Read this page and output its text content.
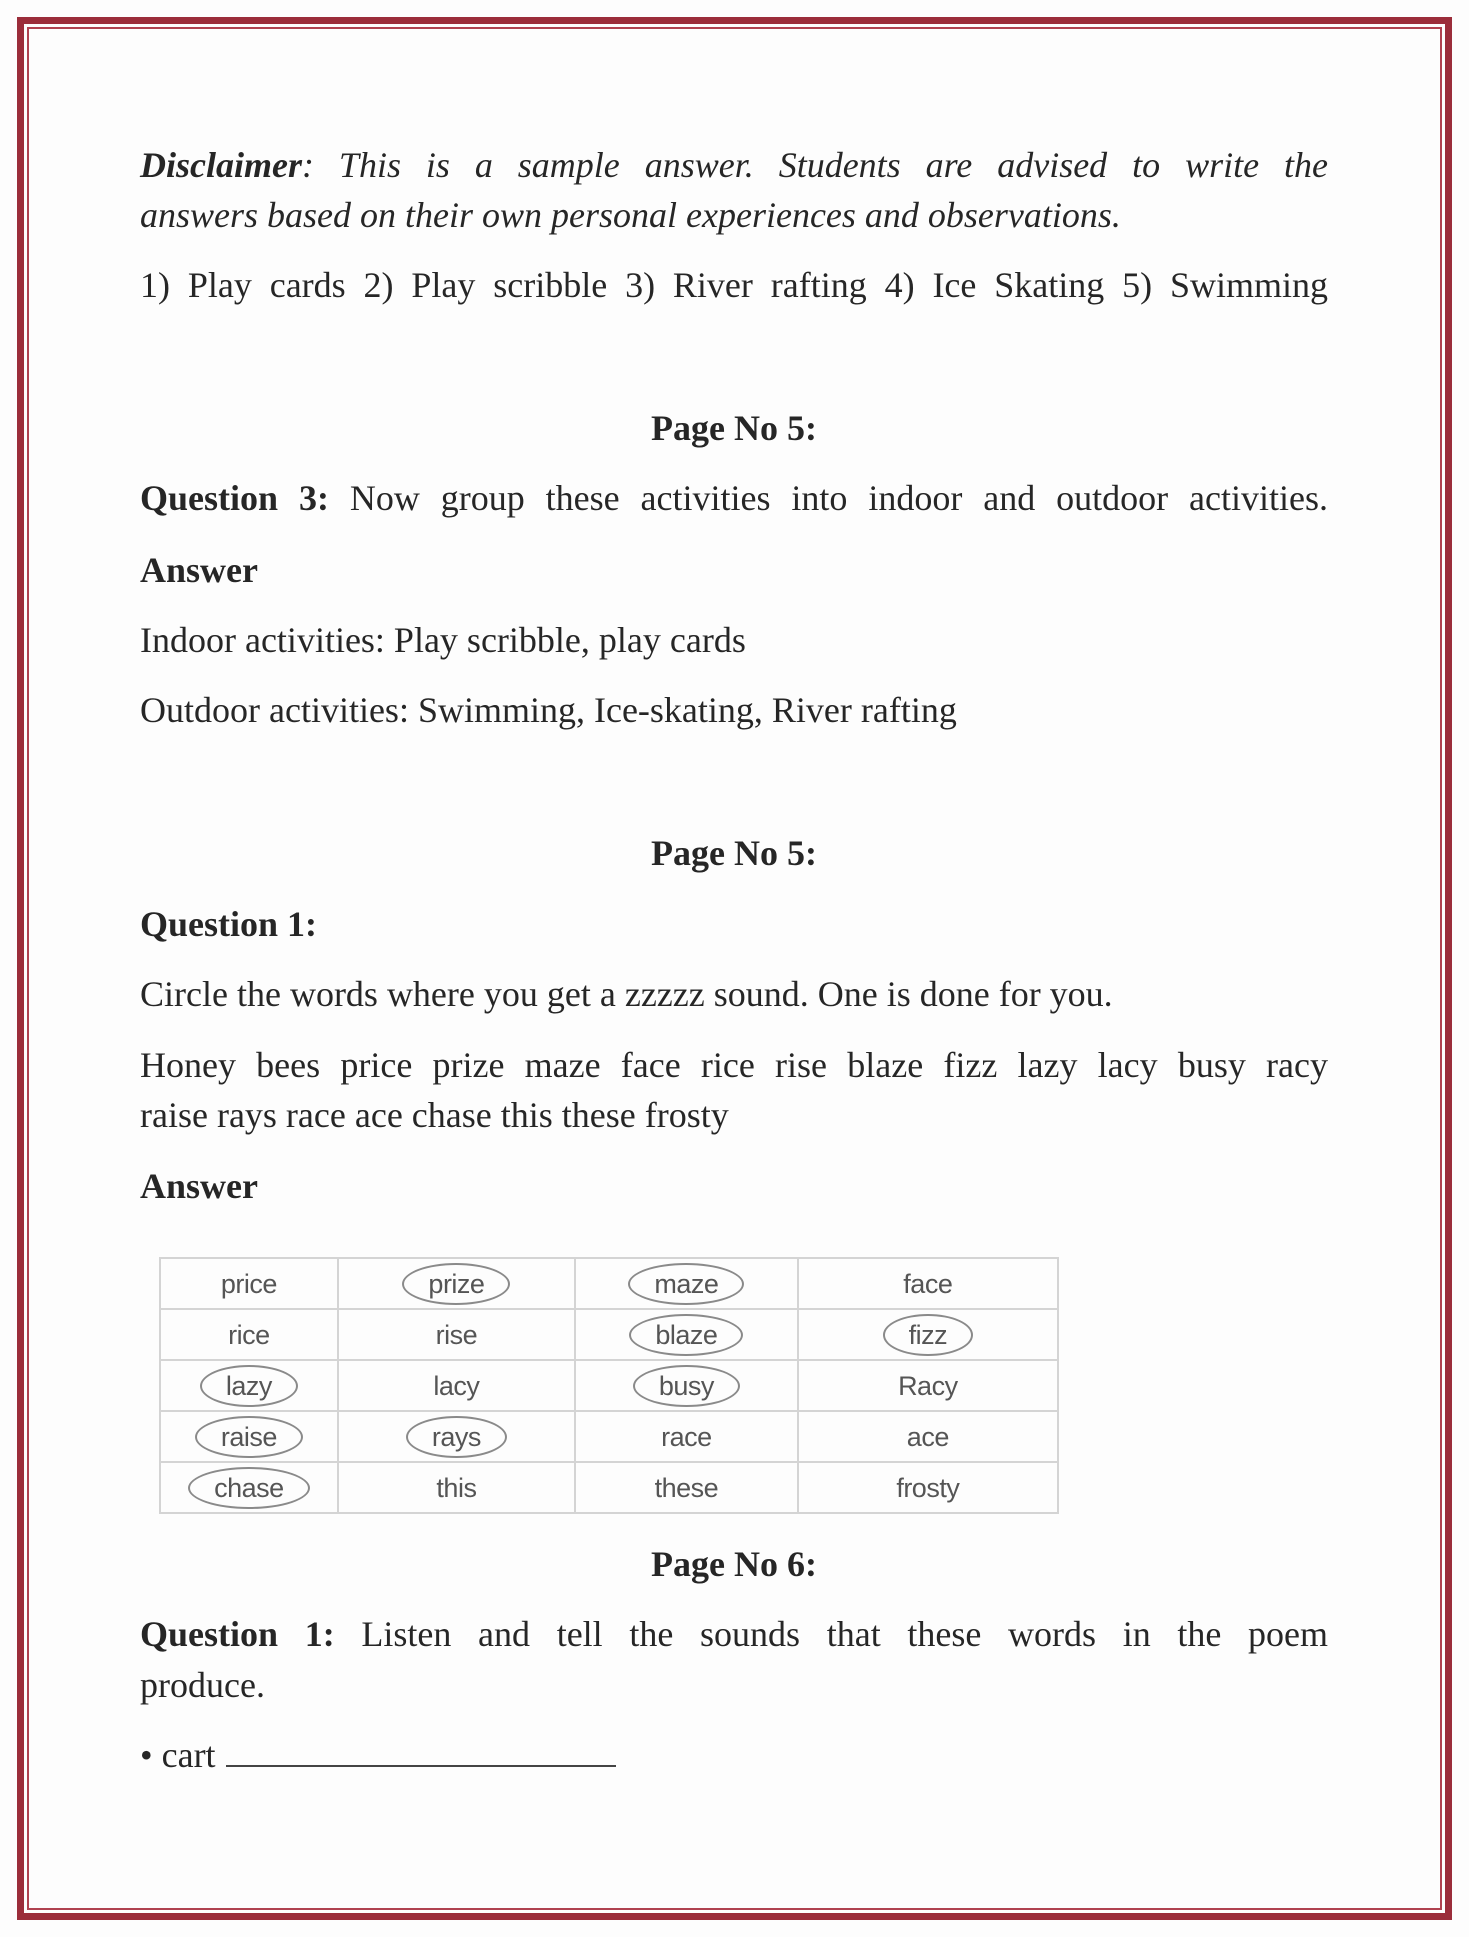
Disclaimer: This is a sample answer. Students are advised to write the
answers based on their own personal experiences and observations.
1) Play cards 2) Play scribble 3) River rafting 4) Ice Skating 5) Swimming
Page No 5:
Question 3: Now group these activities into indoor and outdoor activities.
Answer
Indoor activities: Play scribble, play cards
Outdoor activities: Swimming, Ice-skating, River rafting
Page No 5:
Question 1:
Circle the words where you get a zzzzz sound. One is done for you.
Honey bees price prize maze face rice rise blaze fizz lazy lacy busy racy
raise rays race ace chase this these frosty
Answer
price	prize	maze	face
rice	rise	blaze	fizz
lazy	lacy	busy	Racy
raise	rays	race	ace
chase	this	these	frosty
Page No 6:
Question 1: Listen and tell the sounds that these words in the poem
produce.
• cart
